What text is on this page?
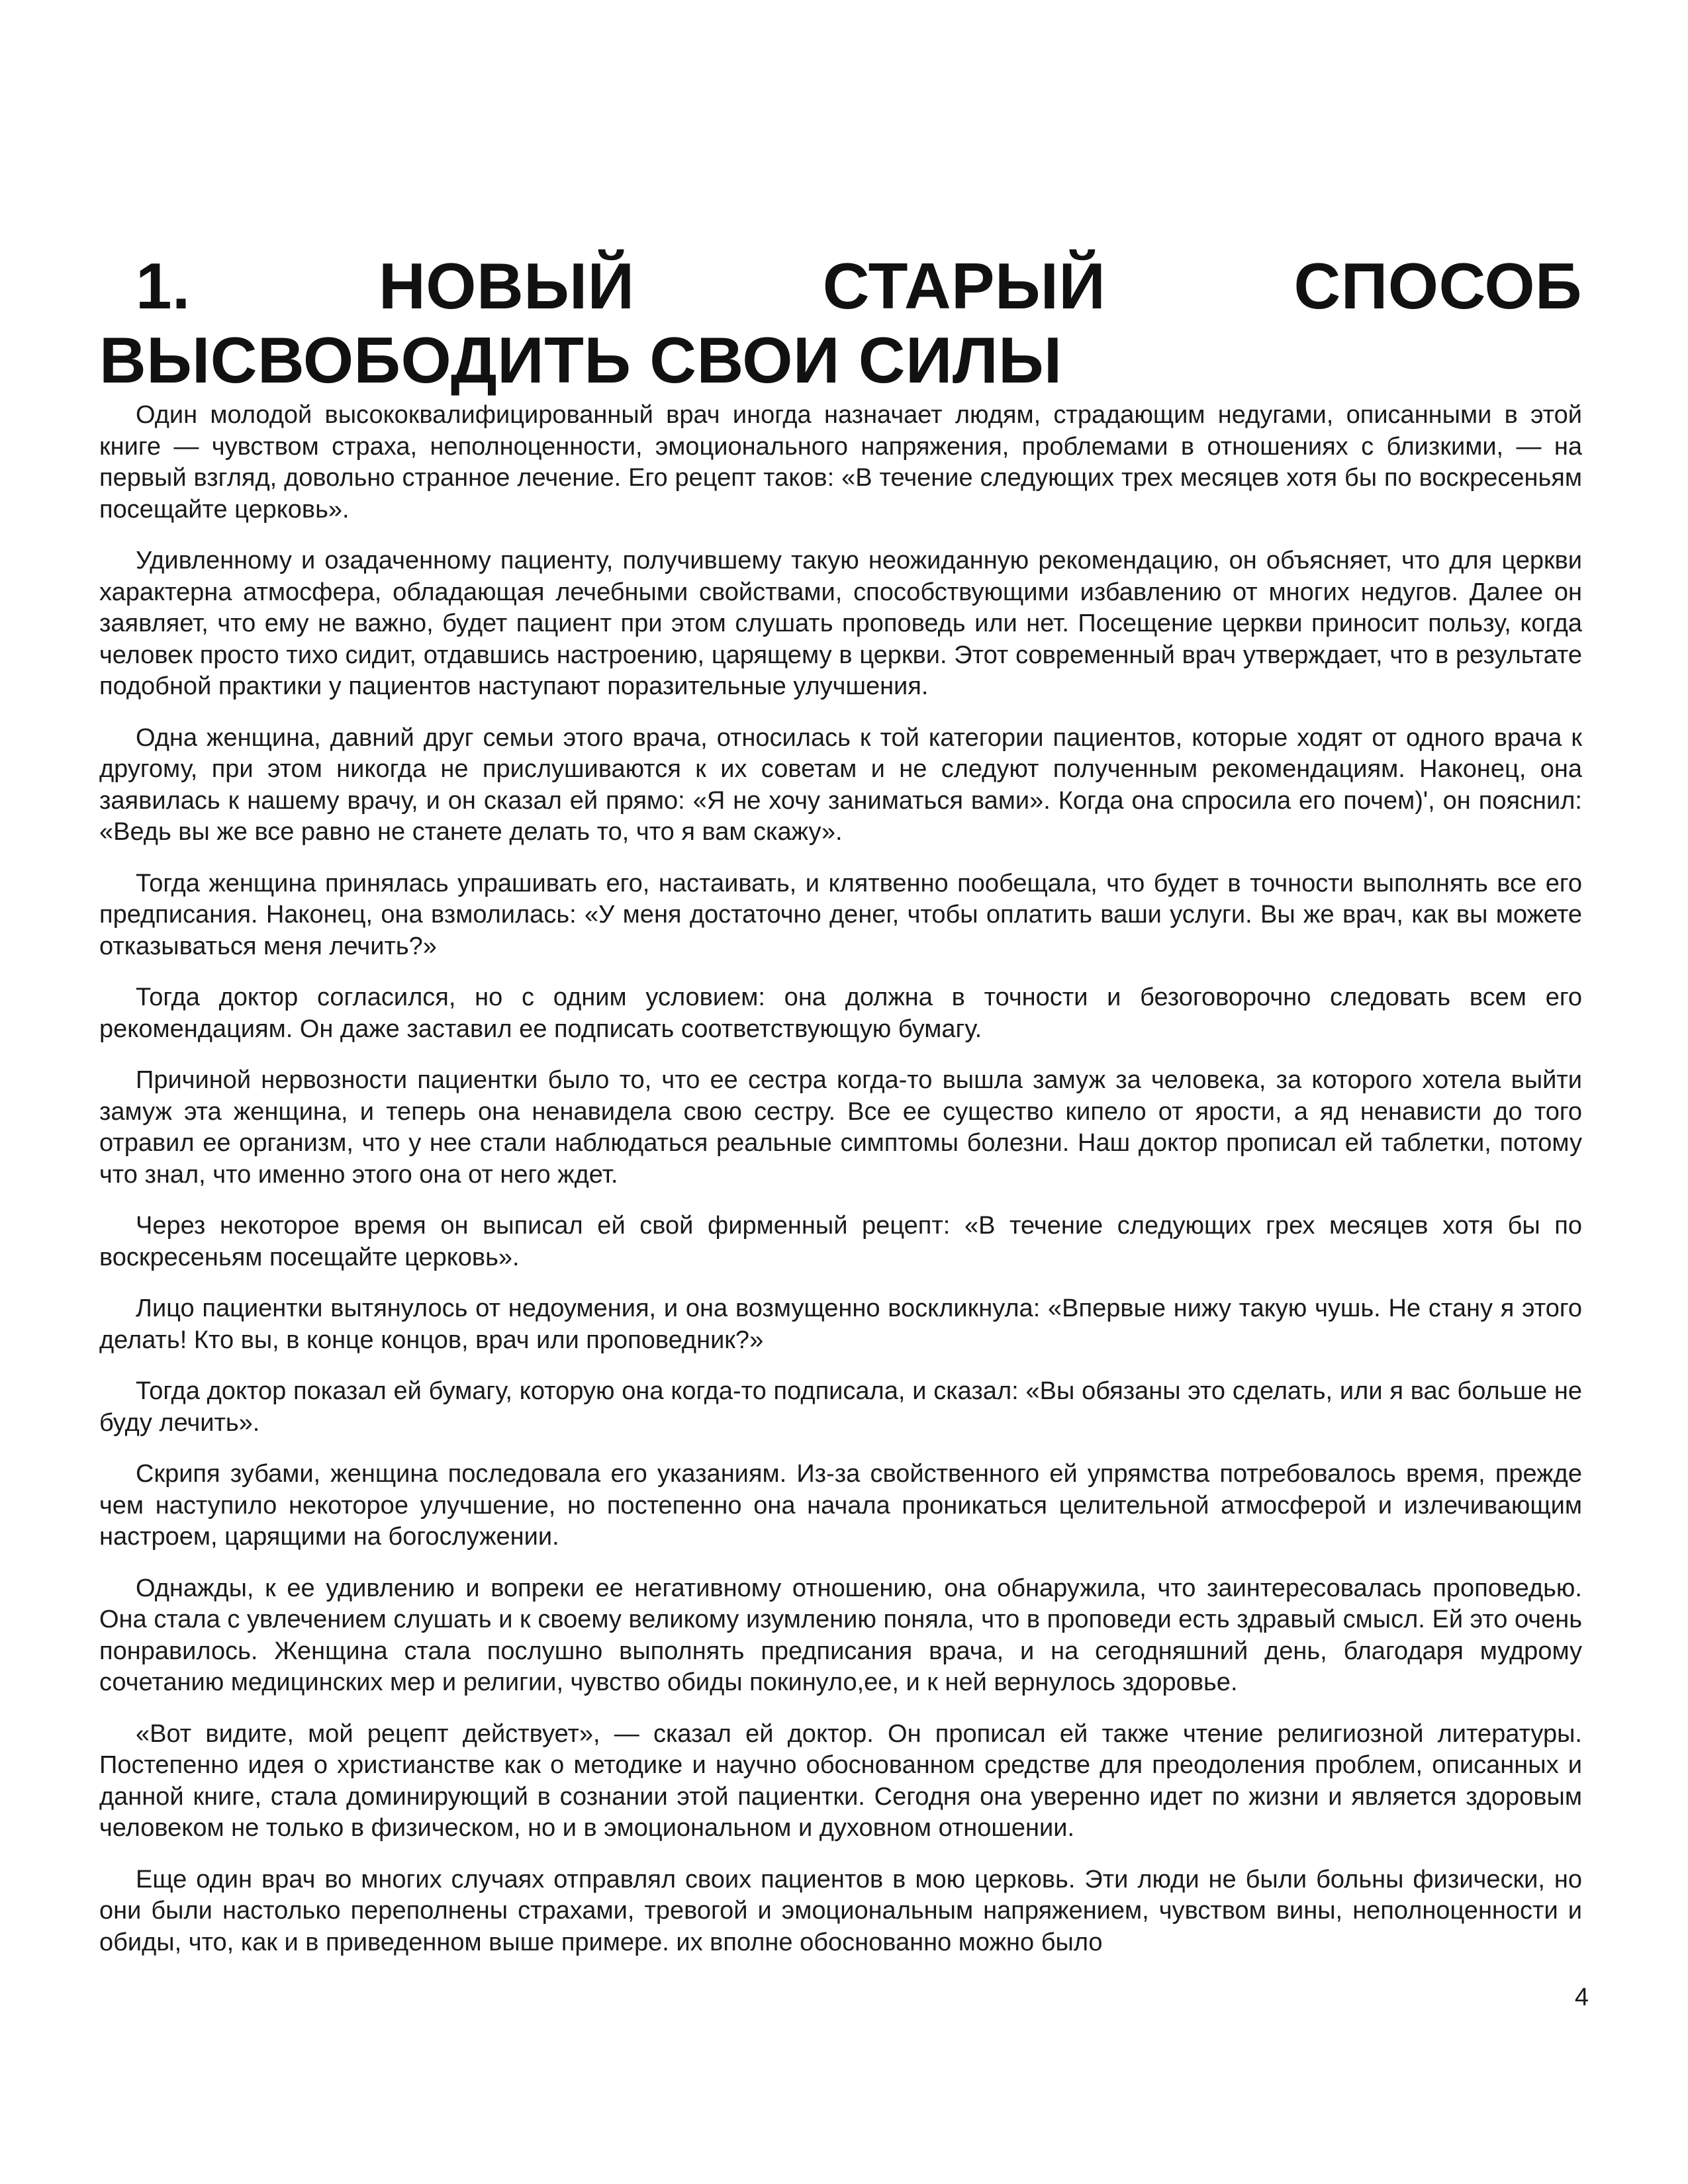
1. НОВЫЙ СТАРЫЙ СПОСОБ ВЫСВОБОДИТЬ СВОИ СИЛЫ

Один молодой высококвалифицированный врач иногда назначает людям, страдающим недугами, описанными в этой книге — чувством страха, неполноценности, эмоционального напряжения, проблемами в отношениях с близкими, — на первый взгляд, довольно странное лечение. Его рецепт таков: «В течение следующих трех месяцев хотя бы по воскресеньям посещайте церковь».

Удивленному и озадаченному пациенту, получившему такую неожиданную рекомендацию, он объясняет, что для церкви характерна атмосфера, обладающая лечебными свойствами, способствующими избавлению от многих недугов. Далее он заявляет, что ему не важно, будет пациент при этом слушать проповедь или нет. Посещение церкви приносит пользу, когда человек просто тихо сидит, отдавшись настроению, царящему в церкви. Этот современный врач утверждает, что в результате подобной практики у пациентов наступают поразительные улучшения.

Одна женщина, давний друг семьи этого врача, относилась к той категории пациентов, которые ходят от одного врача к другому, при этом никогда не прислушиваются к их советам и не следуют полученным рекомендациям. Наконец, она заявилась к нашему врачу, и он сказал ей прямо: «Я не хочу заниматься вами». Когда она спросила его почем)', он пояснил: «Ведь вы же все равно не станете делать то, что я вам скажу».

Тогда женщина принялась упрашивать его, настаивать, и клятвенно пообещала, что будет в точности выполнять все его предписания. Наконец, она взмолилась: «У меня достаточно денег, чтобы оплатить ваши услуги. Вы же врач, как вы можете отказываться меня лечить?»

Тогда доктор согласился, но с одним условием: она должна в точности и безоговорочно следовать всем его рекомендациям. Он даже заставил ее подписать соответствующую бумагу.

Причиной нервозности пациентки было то, что ее сестра когда-то вышла замуж за человека, за которого хотела выйти замуж эта женщина, и теперь она ненавидела свою сестру. Все ее существо кипело от ярости, а яд ненависти до того отравил ее организм, что у нее стали наблюдаться реальные симптомы болезни. Наш доктор прописал ей таблетки, потому что знал, что именно этого она от него ждет.

Через некоторое время он выписал ей свой фирменный рецепт: «В течение следующих грех месяцев хотя бы по воскресеньям посещайте церковь».

Лицо пациентки вытянулось от недоумения, и она возмущенно воскликнула: «Впервые нижу такую чушь. Не стану я этого делать! Кто вы, в конце концов, врач или проповедник?»

Тогда доктор показал ей бумагу, которую она когда-то подписала, и сказал: «Вы обязаны это сделать, или я вас больше не буду лечить».

Скрипя зубами, женщина последовала его указаниям. Из-за свойственного ей упрямства потребовалось время, прежде чем наступило некоторое улучшение, но постепенно она начала проникаться целительной атмосферой и излечивающим настроем, царящими на богослужении.

Однажды, к ее удивлению и вопреки ее негативному отношению, она обнаружила, что заинтересовалась проповедью. Она стала с увлечением слушать и к своему великому изумлению поняла, что в проповеди есть здравый смысл. Ей это очень понравилось. Женщина стала послушно выполнять предписания врача, и на сегодняшний день, благодаря мудрому сочетанию медицинских мер и религии, чувство обиды покинуло,ее, и к ней вернулось здоровье.

«Вот видите, мой рецепт действует», — сказал ей доктор. Он прописал ей также чтение религиозной литературы. Постепенно идея о христианстве как о методике и научно обоснованном средстве для преодоления проблем, описанных и данной книге, стала доминирующий в сознании этой пациентки. Сегодня она уверенно идет по жизни и является здоровым человеком не только в физическом, но и в эмоциональном и духовном отношении.

Еще один врач во многих случаях отправлял своих пациентов в мою церковь. Эти люди не были больны физически, но они были настолько переполнены страхами, тревогой и эмоциональным напряжением, чувством вины, неполноценности и обиды, что, как и в приведенном выше примере. их вполне обоснованно можно было

4
